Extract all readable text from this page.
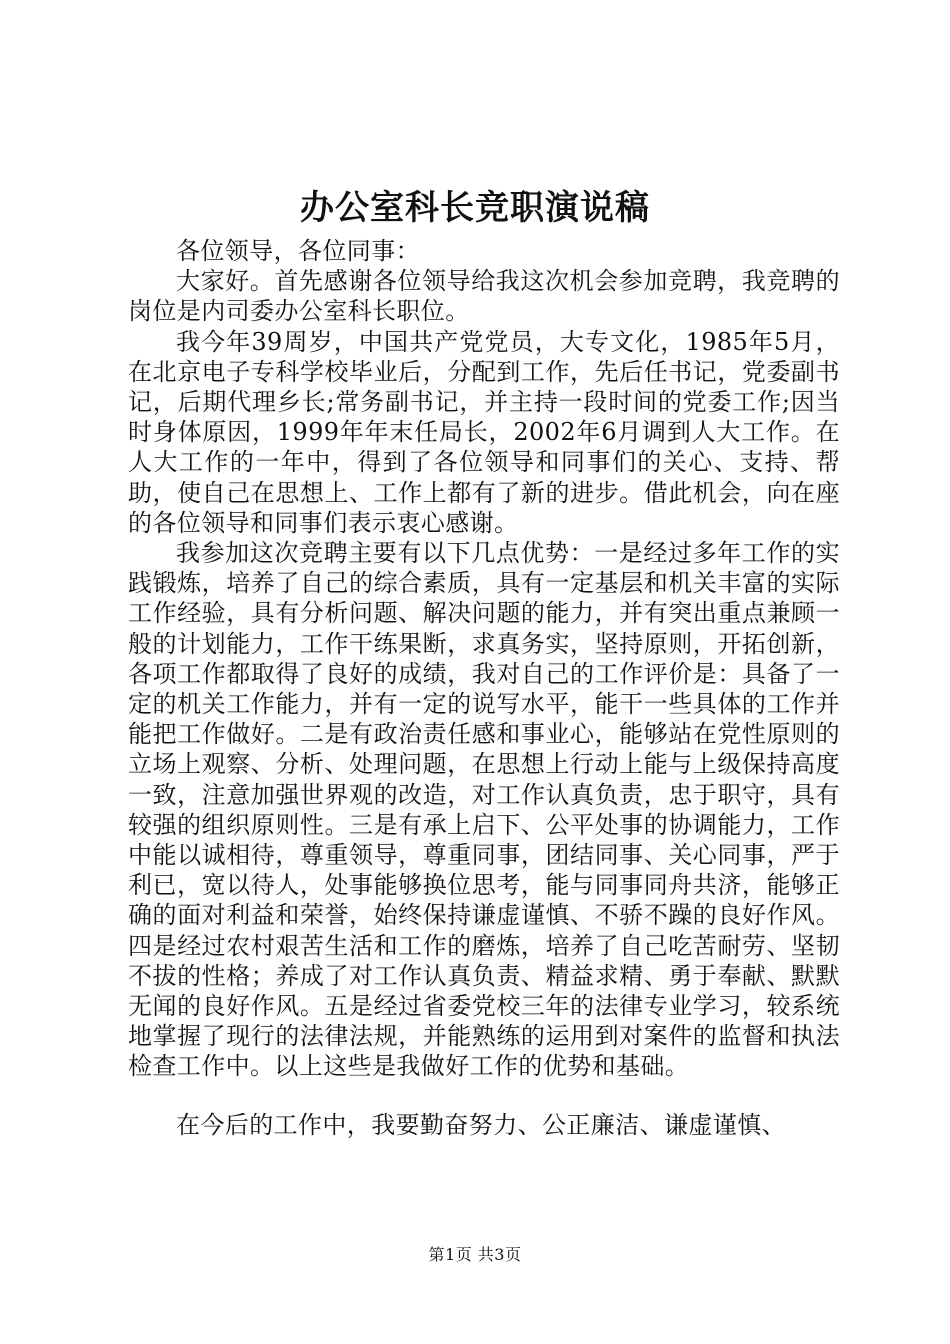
办公室科长竞职演说稿

各位领导，各位同事：

大家好。首先感谢各位领导给我这次机会参加竞聘，我竞聘的岗位是内司委办公室科长职位。

我今年39周岁，中国共产党党员，大专文化，1985年5月，在北京电子专科学校毕业后，分配到工作，先后任书记，党委副书记，后期代理乡长;常务副书记，并主持一段时间的党委工作;因当时身体原因，1999年年末任局长，2002年6月调到人大工作。在人大工作的一年中，得到了各位领导和同事们的关心、支持、帮助，使自己在思想上、工作上都有了新的进步。借此机会，向在座的各位领导和同事们表示衷心感谢。

我参加这次竞聘主要有以下几点优势：一是经过多年工作的实践锻炼，培养了自己的综合素质，具有一定基层和机关丰富的实际工作经验，具有分析问题、解决问题的能力，并有突出重点兼顾一般的计划能力，工作干练果断，求真务实，坚持原则，开拓创新，各项工作都取得了良好的成绩，我对自己的工作评价是：具备了一定的机关工作能力，并有一定的说写水平，能干一些具体的工作并能把工作做好。二是有政治责任感和事业心，能够站在党性原则的立场上观察、分析、处理问题，在思想上行动上能与上级保持高度一致，注意加强世界观的改造，对工作认真负责，忠于职守，具有较强的组织原则性。三是有承上启下、公平处事的协调能力，工作中能以诚相待，尊重领导，尊重同事，团结同事、关心同事，严于利已，宽以待人，处事能够换位思考，能与同事同舟共济，能够正确的面对利益和荣誉，始终保持谦虚谨慎、不骄不躁的良好作风。四是经过农村艰苦生活和工作的磨炼，培养了自己吃苦耐劳、坚韧不拔的性格；养成了对工作认真负责、精益求精、勇于奉献、默默无闻的良好作风。五是经过省委党校三年的法律专业学习，较系统地掌握了现行的法律法规，并能熟练的运用到对案件的监督和执法检查工作中。以上这些是我做好工作的优势和基础。

在今后的工作中，我要勤奋努力、公正廉洁、谦虚谨慎、

第1页 共3页
